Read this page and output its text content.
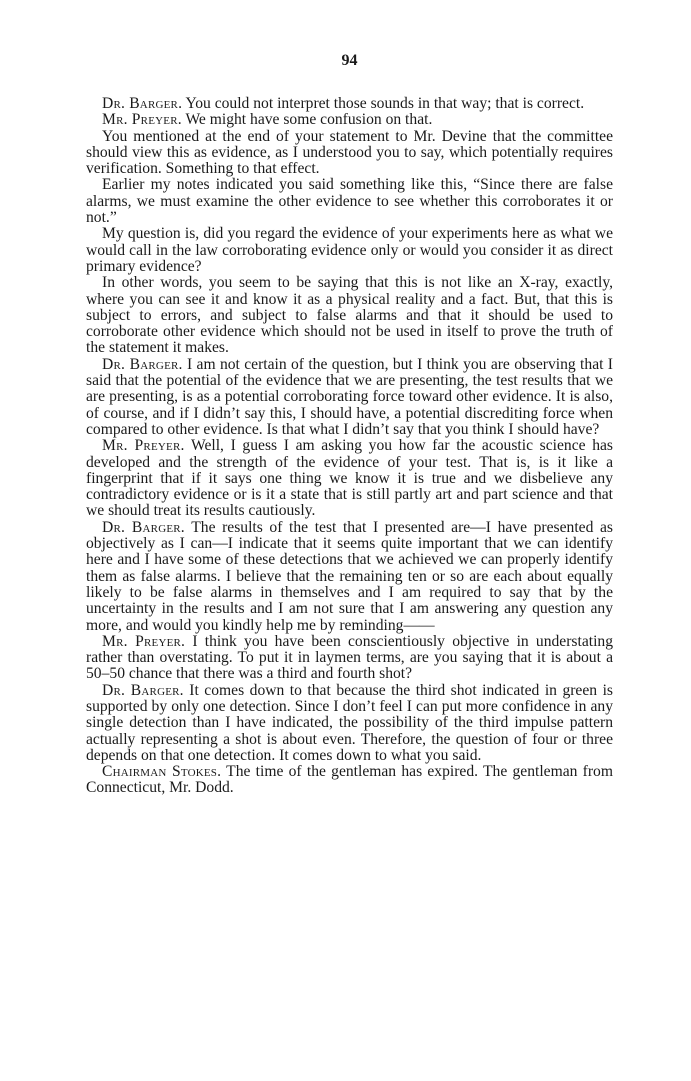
94

Dr. Barger. You could not interpret those sounds in that way; that is correct.

Mr. Preyer. We might have some confusion on that.

You mentioned at the end of your statement to Mr. Devine that the committee should view this as evidence, as I understood you to say, which potentially requires verification. Something to that effect.

Earlier my notes indicated you said something like this, “Since there are false alarms, we must examine the other evidence to see whether this corroborates it or not.”

My question is, did you regard the evidence of your experiments here as what we would call in the law corroborating evidence only or would you consider it as direct primary evidence?

In other words, you seem to be saying that this is not like an X-ray, exactly, where you can see it and know it as a physical reality and a fact. But, that this is subject to errors, and subject to false alarms and that it should be used to corroborate other evidence which should not be used in itself to prove the truth of the statement it makes.

Dr. Barger. I am not certain of the question, but I think you are observing that I said that the potential of the evidence that we are presenting, the test results that we are presenting, is as a potential corroborating force toward other evidence. It is also, of course, and if I didn’t say this, I should have, a potential discrediting force when compared to other evidence. Is that what I didn’t say that you think I should have?

Mr. Preyer. Well, I guess I am asking you how far the acoustic science has developed and the strength of the evidence of your test. That is, is it like a fingerprint that if it says one thing we know it is true and we disbelieve any contradictory evidence or is it a state that is still partly art and part science and that we should treat its results cautiously.

Dr. Barger. The results of the test that I presented are—I have presented as objectively as I can—I indicate that it seems quite important that we can identify here and I have some of these detections that we achieved we can properly identify them as false alarms. I believe that the remaining ten or so are each about equally likely to be false alarms in themselves and I am required to say that by the uncertainty in the results and I am not sure that I am answering any question any more, and would you kindly help me by reminding——

Mr. Preyer. I think you have been conscientiously objective in understating rather than overstating. To put it in laymen terms, are you saying that it is about a 50–50 chance that there was a third and fourth shot?

Dr. Barger. It comes down to that because the third shot indicated in green is supported by only one detection. Since I don’t feel I can put more confidence in any single detection than I have indicated, the possibility of the third impulse pattern actually representing a shot is about even. Therefore, the question of four or three depends on that one detection. It comes down to what you said.

Chairman Stokes. The time of the gentleman has expired. The gentleman from Connecticut, Mr. Dodd.
